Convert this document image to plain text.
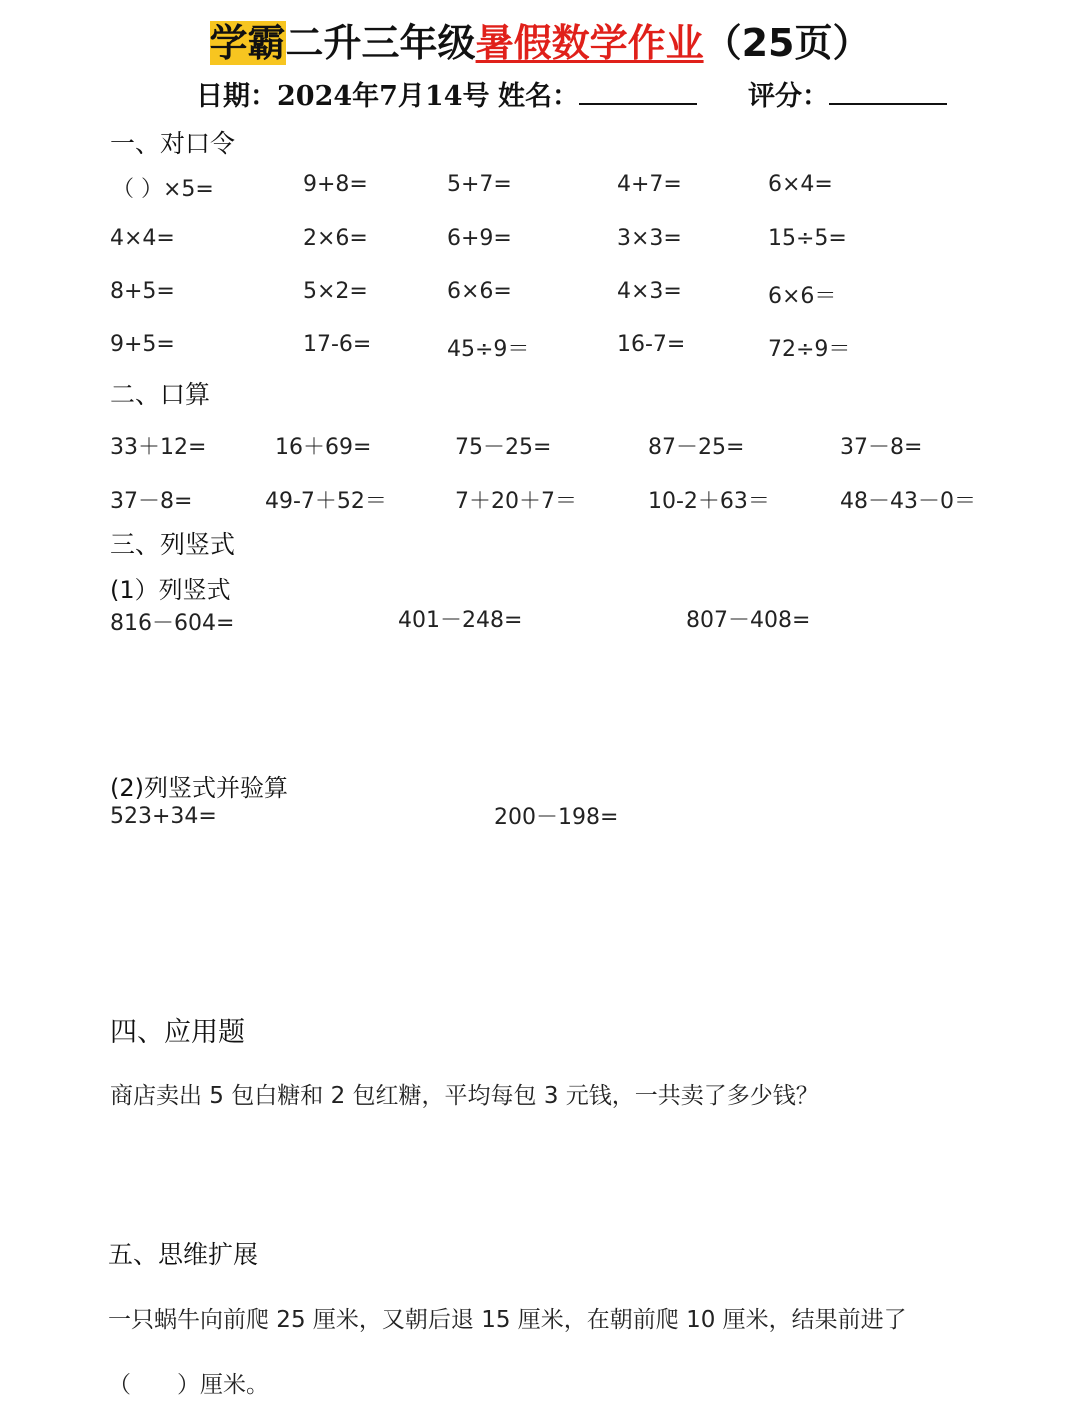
学霸二升三年级暑假数学作业（25页）
日期：2024年7月14号 姓名：	评分：
一、对口令
（ ）×5=	9+8=	5+7=	4+7=	6×4=
4×4=	2×6=	6+9=	3×3=	15÷5=
8+5=	5×2=	6×6=	4×3=	6×6＝
9+5=	17-6=	45÷9＝	16-7=	72÷9＝
二、口算
33＋12=	16＋69=	75－25=	87－25=	37－8=
37－8=	49-7＋52＝	7＋20＋7＝	10-2＋63＝	48－43－0＝
三、列竖式
(1）列竖式
816－604=	401－248=	807－408=
(2)列竖式并验算
523+34=	200－198=
四、应用题
商店卖出 5 包白糖和 2 包红糖，平均每包 3 元钱，一共卖了多少钱？
五、思维扩展
一只蜗牛向前爬 25 厘米，又朝后退 15 厘米，在朝前爬 10 厘米，结果前进了
（　　）厘米。
